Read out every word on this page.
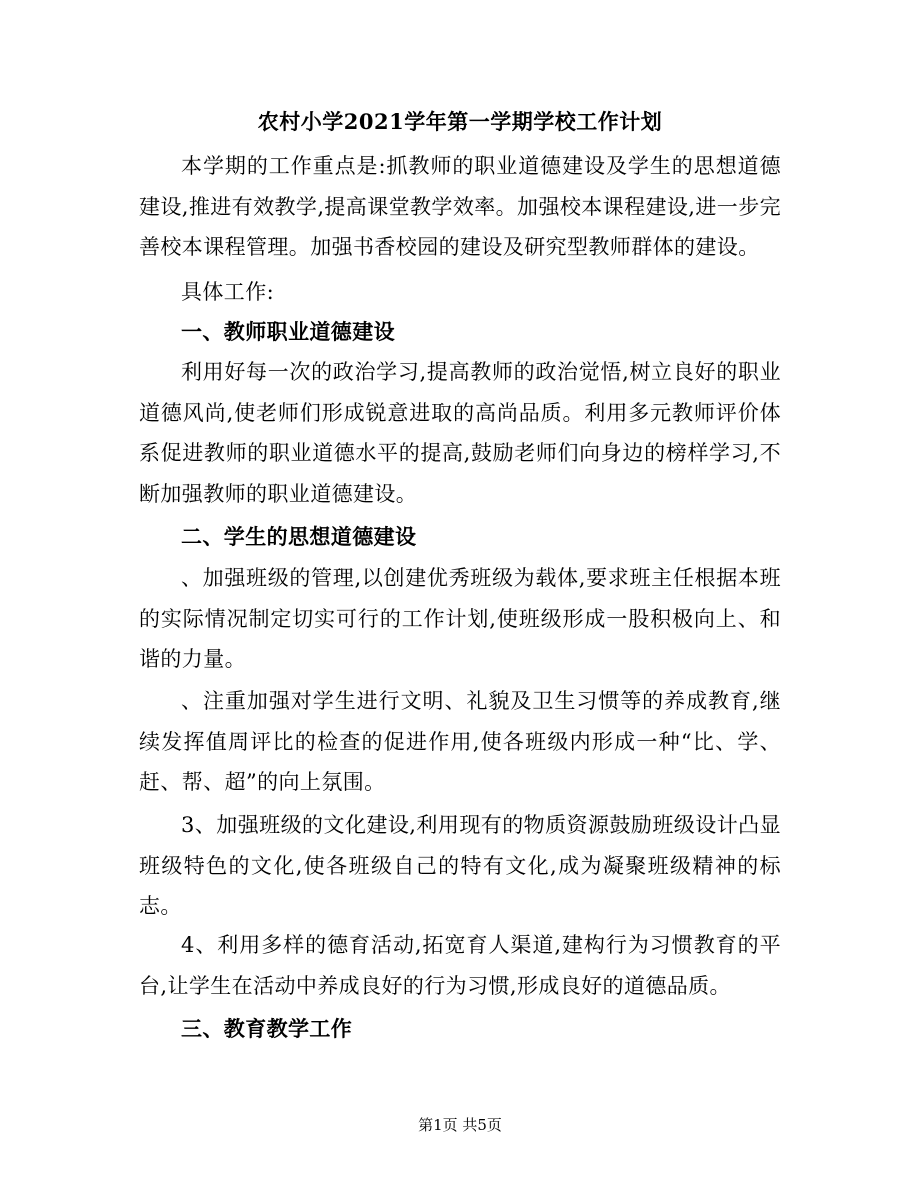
农村小学2021学年第一学期学校工作计划

本学期的工作重点是:抓教师的职业道德建设及学生的思想道德建设,推进有效教学,提高课堂教学效率。加强校本课程建设,进一步完善校本课程管理。加强书香校园的建设及研究型教师群体的建设。

具体工作:

一、教师职业道德建设

利用好每一次的政治学习,提高教师的政治觉悟,树立良好的职业道德风尚,使老师们形成锐意进取的高尚品质。利用多元教师评价体系促进教师的职业道德水平的提高,鼓励老师们向身边的榜样学习,不断加强教师的职业道德建设。

二、学生的思想道德建设

、加强班级的管理,以创建优秀班级为载体,要求班主任根据本班的实际情况制定切实可行的工作计划,使班级形成一股积极向上、和谐的力量。

、注重加强对学生进行文明、礼貌及卫生习惯等的养成教育,继续发挥值周评比的检查的促进作用,使各班级内形成一种“比、学、赶、帮、超”的向上氛围。

3、加强班级的文化建设,利用现有的物质资源鼓励班级设计凸显班级特色的文化,使各班级自己的特有文化,成为凝聚班级精神的标志。

4、利用多样的德育活动,拓宽育人渠道,建构行为习惯教育的平台,让学生在活动中养成良好的行为习惯,形成良好的道德品质。

三、教育教学工作

第1页 共5页
